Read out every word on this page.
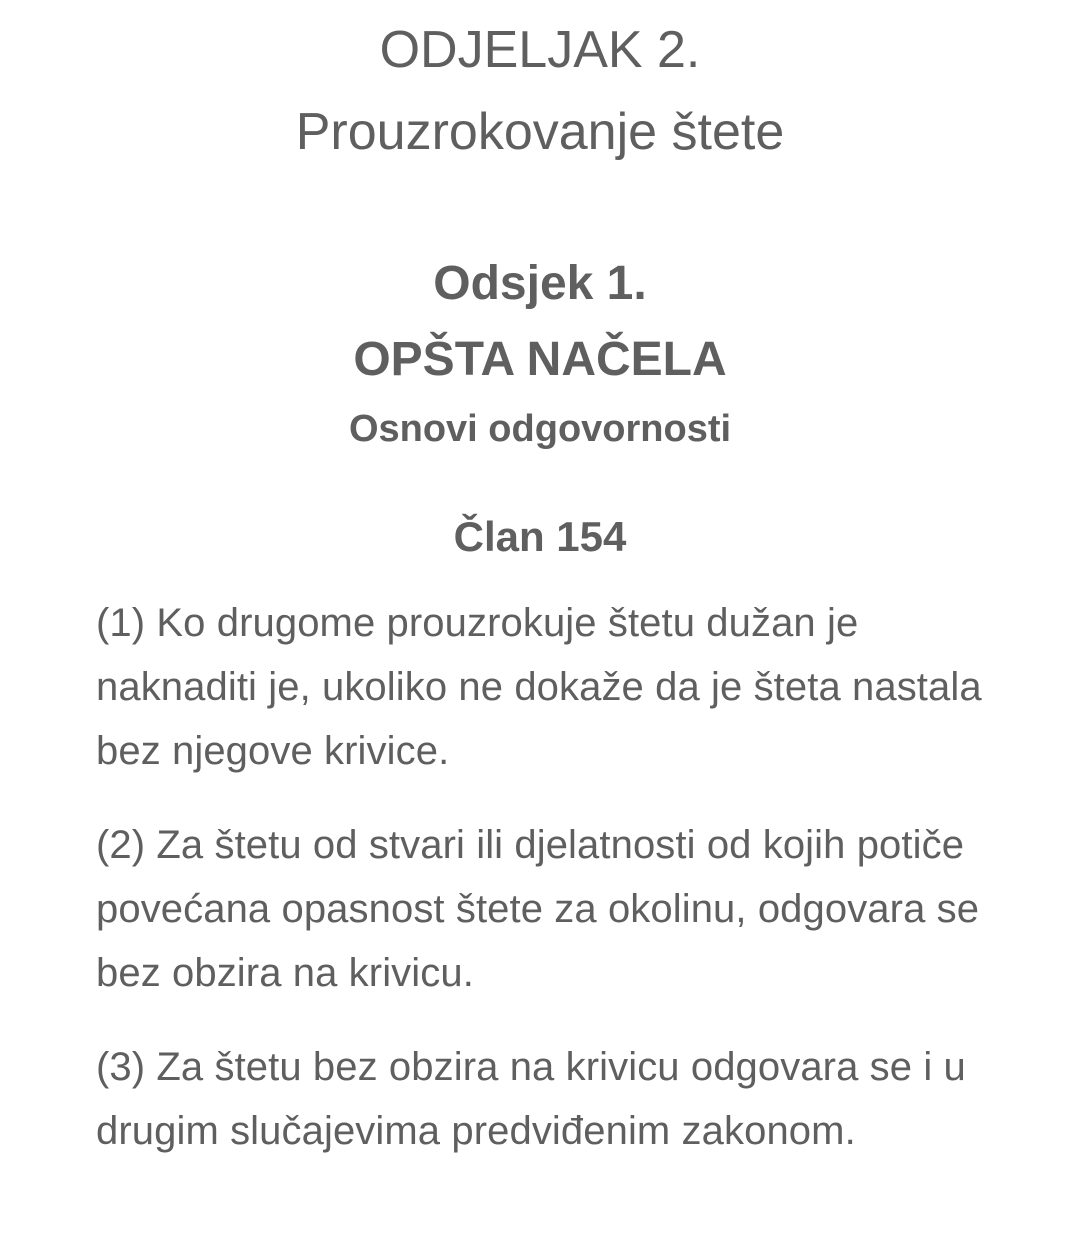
ODJELJAK 2.
Prouzrokovanje štete
Odsjek 1.
OPŠTA NAČELA
Osnovi odgovornosti
Član 154

(1) Ko drugome prouzrokuje štetu dužan je naknaditi je, ukoliko ne dokaže da je šteta nastala bez njegove krivice.

(2) Za štetu od stvari ili djelatnosti od kojih potiče povećana opasnost štete za okolinu, odgovara se bez obzira na krivicu.

(3) Za štetu bez obzira na krivicu odgovara se i u drugim slučajevima predviđenim zakonom.
